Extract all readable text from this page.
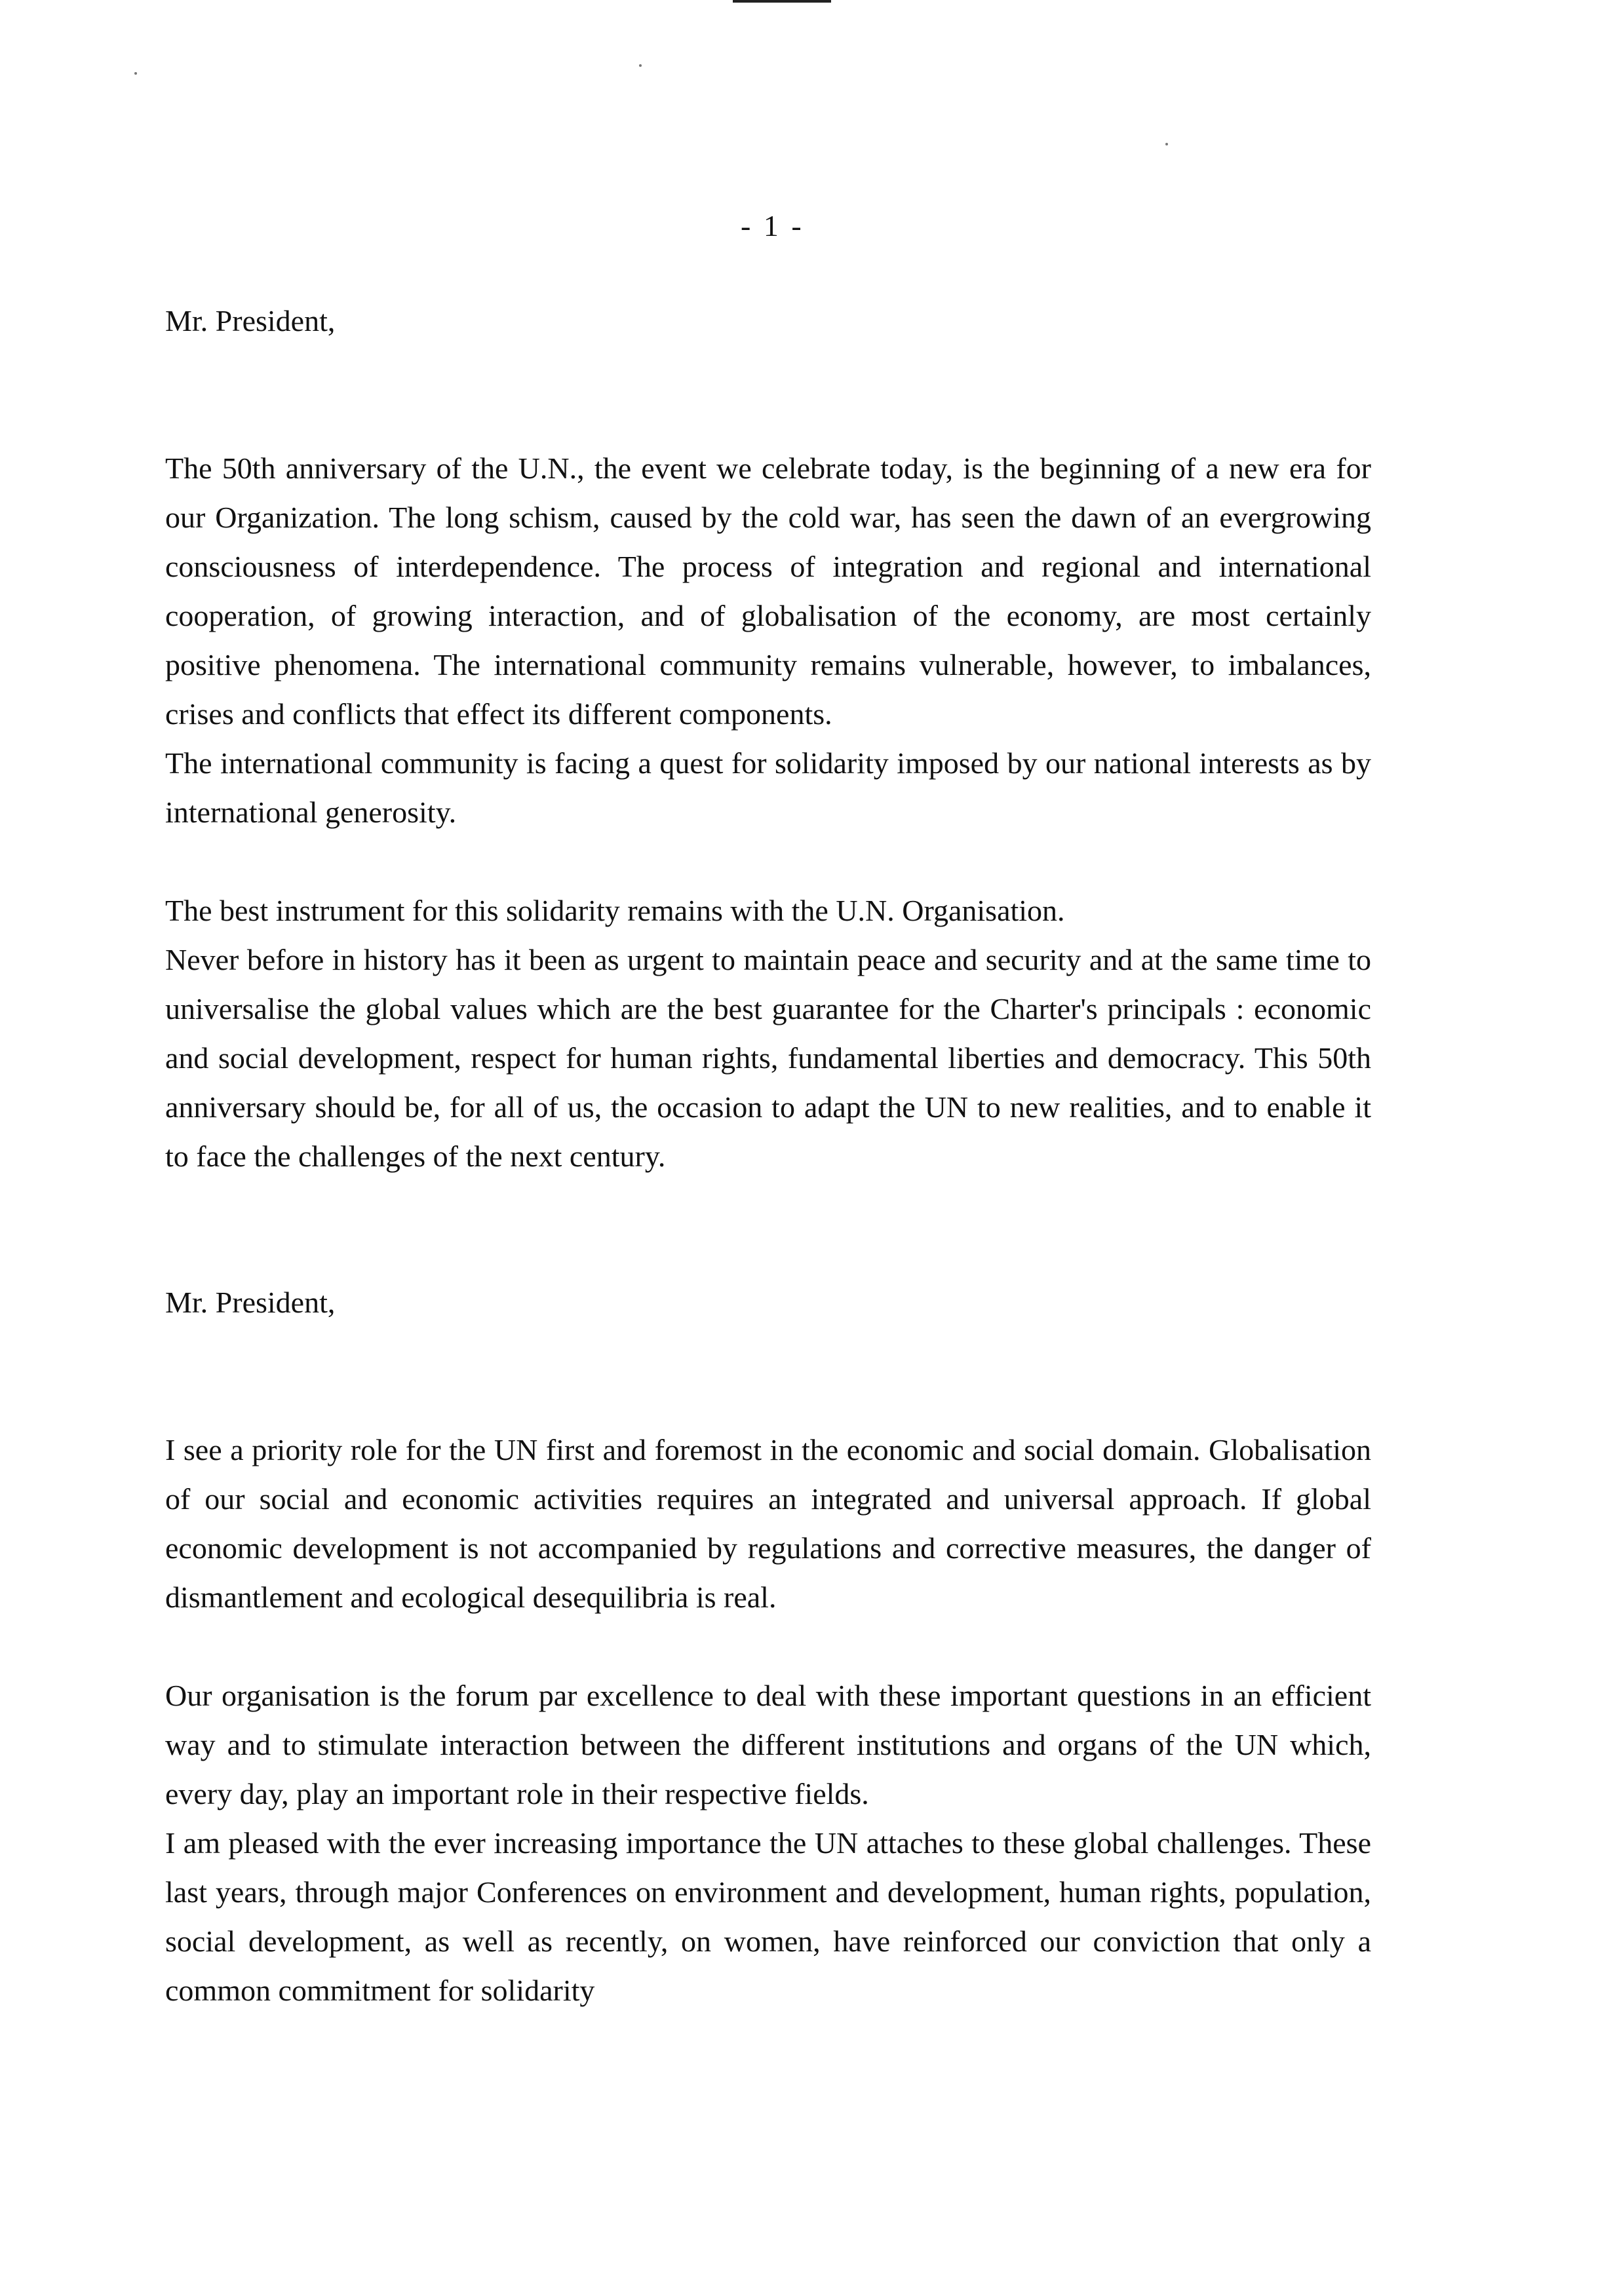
- 1 -

Mr. President,

The 50th anniversary of the U.N., the event we celebrate today, is the beginning of a new era for our Organization. The long schism, caused by the cold war, has seen the dawn of an evergrowing consciousness of interdependence. The process of integration and regional and international cooperation, of growing interaction, and of globalisation of the economy, are most certainly positive phenomena. The international community remains vulnerable, however, to imbalances, crises and conflicts that effect its different components.

The international community is facing a quest for solidarity imposed by our national interests as by international generosity.

The best instrument for this solidarity remains with the U.N. Organisation.

Never before in history has it been as urgent to maintain peace and security and at the same time to universalise the global values which are the best guarantee for the Charter's principals : economic and social development, respect for human rights, fundamental liberties and democracy. This 50th anniversary should be, for all of us, the occasion to adapt the UN to new realities, and to enable it to face the challenges of the next century.

Mr. President,

I see a priority role for the UN first and foremost in the economic and social domain. Globalisation of our social and economic activities requires an integrated and universal approach. If global economic development is not accompanied by regulations and corrective measures, the danger of dismantlement and ecological desequilibria is real.

Our organisation is the forum par excellence to deal with these important questions in an efficient way and to stimulate interaction between the different institutions and organs of the UN which, every day, play an important role in their respective fields.

I am pleased with the ever increasing importance the UN attaches to these global challenges. These last years, through major Conferences on environment and development, human rights, population, social development, as well as recently, on women, have reinforced our conviction that only a common commitment for solidarity
